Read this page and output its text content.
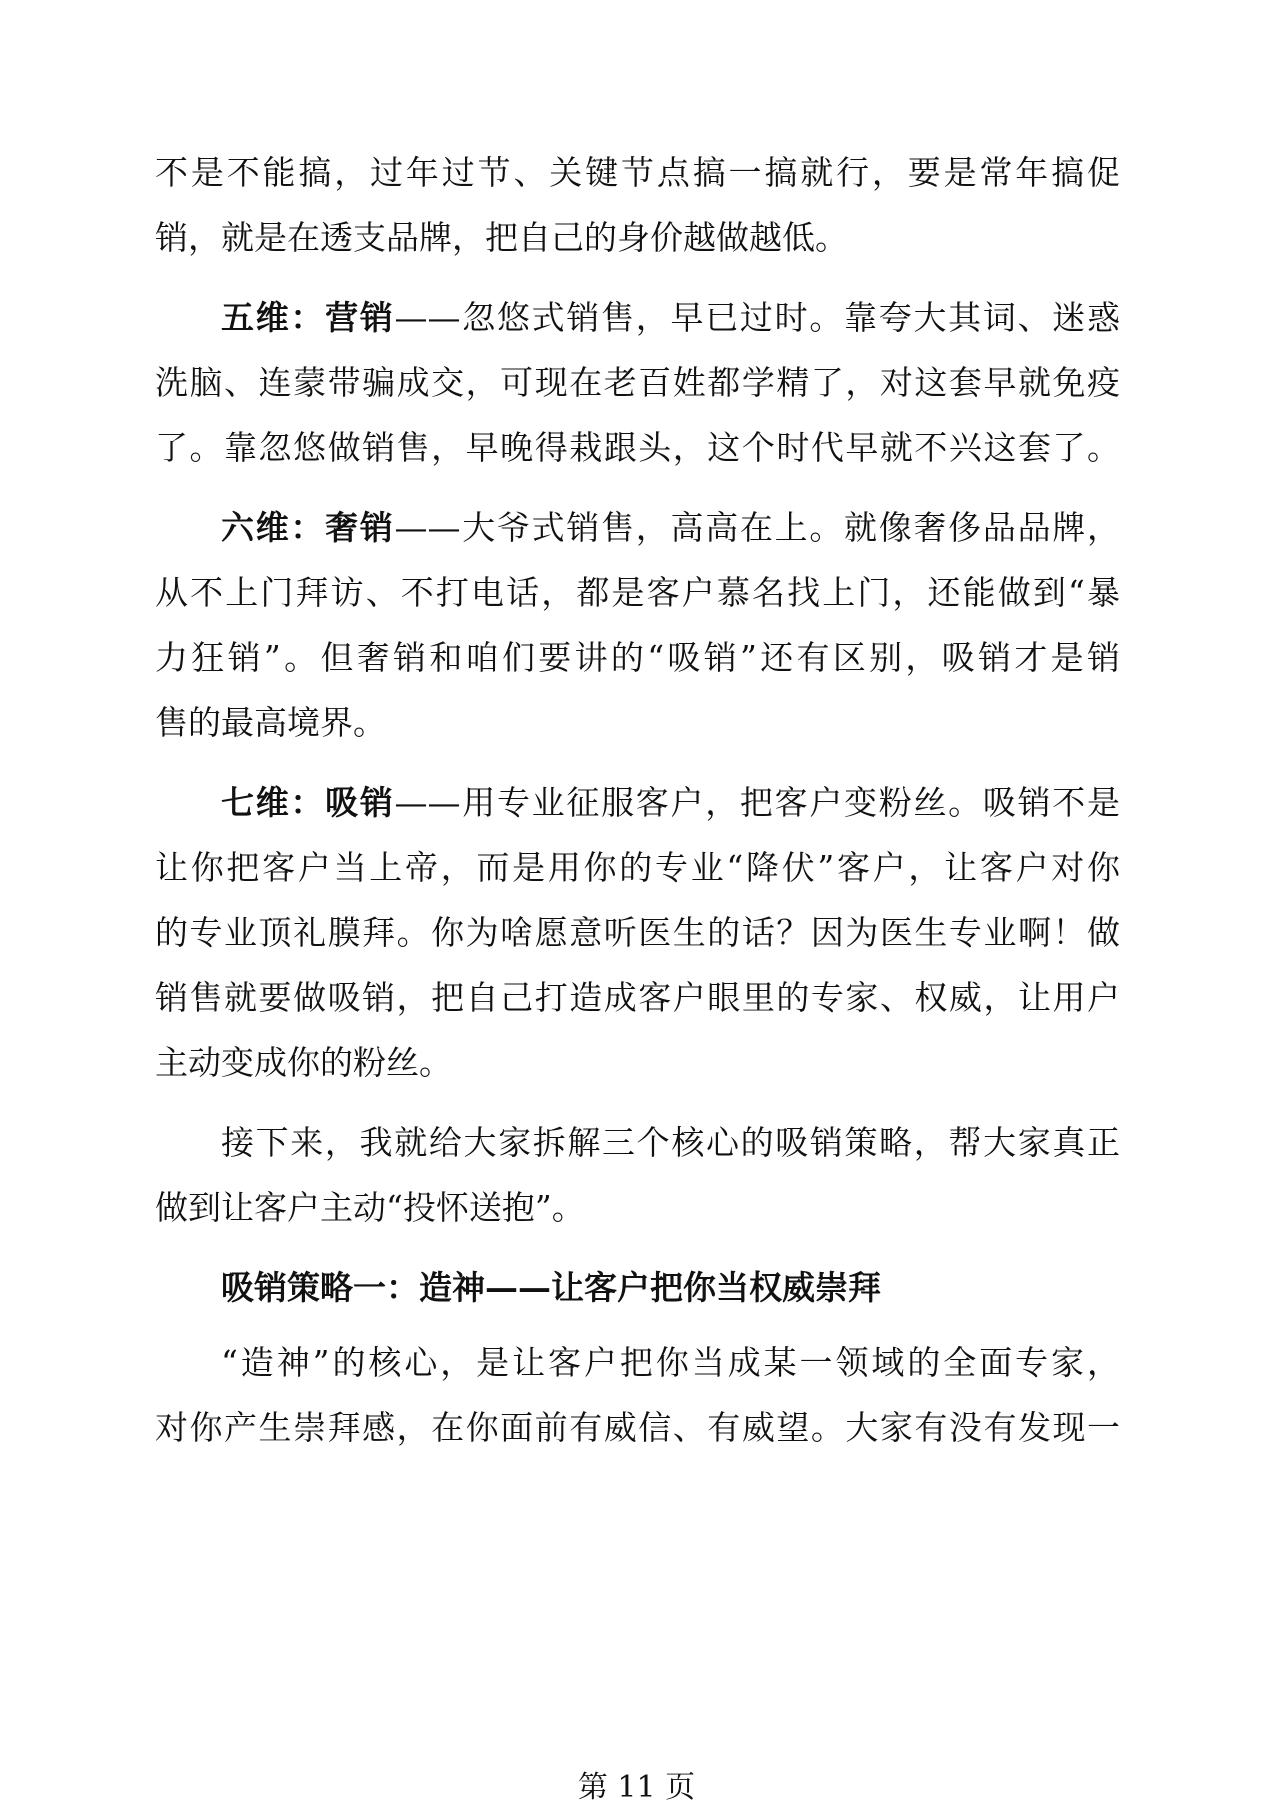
不是不能搞，过年过节、关键节点搞一搞就行，要是常年搞促
销，就是在透支品牌，把自己的身价越做越低。
五维：营销——忽悠式销售，早已过时。靠夸大其词、迷惑
洗脑、连蒙带骗成交，可现在老百姓都学精了，对这套早就免疫
了。靠忽悠做销售，早晚得栽跟头，这个时代早就不兴这套了。
六维：奢销——大爷式销售，高高在上。就像奢侈品品牌，
从不上门拜访、不打电话，都是客户慕名找上门，还能做到“暴
力狂销”。但奢销和咱们要讲的“吸销”还有区别，吸销才是销
售的最高境界。
七维：吸销——用专业征服客户，把客户变粉丝。吸销不是
让你把客户当上帝，而是用你的专业“降伏”客户，让客户对你
的专业顶礼膜拜。你为啥愿意听医生的话？因为医生专业啊！做
销售就要做吸销，把自己打造成客户眼里的专家、权威，让用户
主动变成你的粉丝。
接下来，我就给大家拆解三个核心的吸销策略，帮大家真正
做到让客户主动“投怀送抱”。
吸销策略一：造神——让客户把你当权威崇拜
“造神”的核心，是让客户把你当成某一领域的全面专家，
对你产生崇拜感，在你面前有威信、有威望。大家有没有发现一
第 11 页
